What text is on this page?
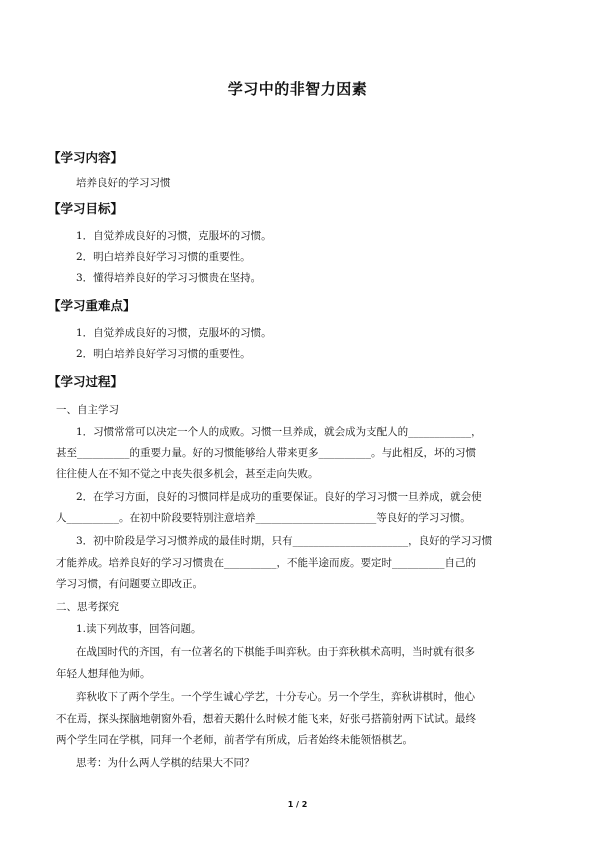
学习中的非智力因素
【学习内容】
培养良好的学习习惯
【学习目标】
1．自觉养成良好的习惯，克服坏的习惯。
2．明白培养良好学习习惯的重要性。
3．懂得培养良好的学习习惯贵在坚持。
【学习重难点】
1．自觉养成良好的习惯，克服坏的习惯。
2．明白培养良好学习习惯的重要性。
【学习过程】
一、自主学习
1．习惯常常可以决定一个人的成败。习惯一旦养成，就会成为支配人的____________，
甚至__________的重要力量。好的习惯能够给人带来更多__________。与此相反，坏的习惯
往往使人在不知不觉之中丧失很多机会，甚至走向失败。
2．在学习方面，良好的习惯同样是成功的重要保证。良好的学习习惯一旦养成，就会使
人__________。在初中阶段要特别注意培养_______________________等良好的学习习惯。
3．初中阶段是学习习惯养成的最佳时期，只有______________________，良好的学习习惯
才能养成。培养良好的学习习惯贵在__________，不能半途而废。要定时__________自己的
学习习惯，有问题要立即改正。
二、思考探究
1.读下列故事，回答问题。
在战国时代的齐国，有一位著名的下棋能手叫弈秋。由于弈秋棋术高明，当时就有很多
年轻人想拜他为师。
弈秋收下了两个学生。一个学生诚心学艺，十分专心。另一个学生，弈秋讲棋时，他心
不在焉，探头探脑地朝窗外看，想着天鹅什么时候才能飞来，好张弓搭箭射两下试试。最终
两个学生同在学棋，同拜一个老师，前者学有所成，后者始终未能领悟棋艺。
思考：为什么两人学棋的结果大不同？
1 / 2
